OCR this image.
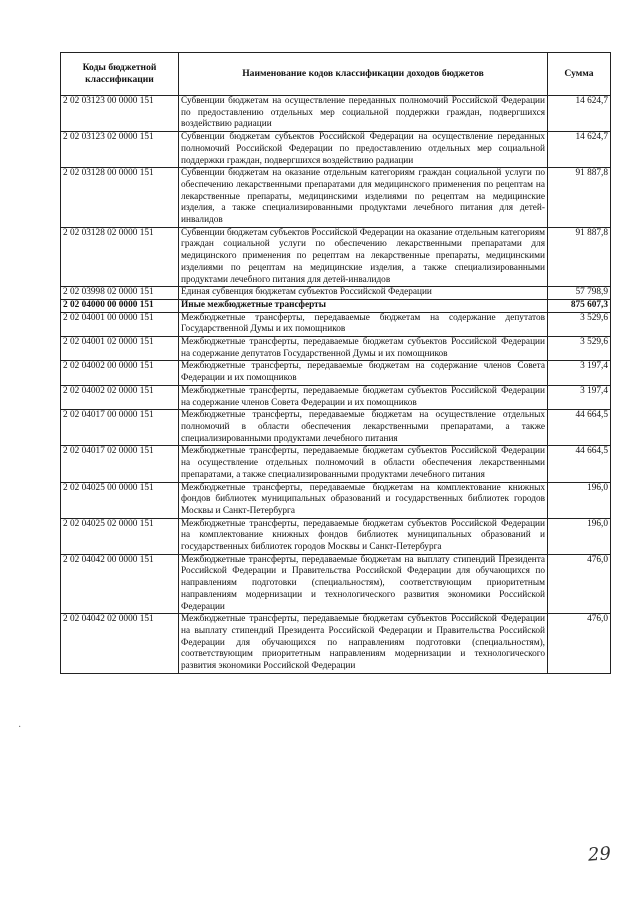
Коды бюджетной классификации	Наименование кодов классификации доходов бюджетов	Сумма
2 02 03123 00 0000 151	Субвенции бюджетам на осуществление переданных полномочий Российской Федерации по предоставлению отдельных мер социальной поддержки граждан, подвергшихся воздействию радиации	14 624,7
2 02 03123 02 0000 151	Субвенции бюджетам субъектов Российской Федерации на осуществление переданных полномочий Российской Федерации по предоставлению отдельных мер социальной поддержки граждан, подвергшихся воздействию радиации	14 624,7
2 02 03128 00 0000 151	Субвенции бюджетам на оказание отдельным категориям граждан социальной услуги по обеспечению лекарственными препаратами для медицинского применения по рецептам на лекарственные препараты, медицинскими изделиями по рецептам на медицинские изделия, а также специализированными продуктами лечебного питания для детей-инвалидов	91 887,8
2 02 03128 02 0000 151	Субвенции бюджетам субъектов Российской Федерации на оказание отдельным категориям граждан социальной услуги по обеспечению лекарственными препаратами для медицинского применения по рецептам на лекарственные препараты, медицинскими изделиями по рецептам на медицинские изделия, а также специализированными продуктами лечебного питания для детей-инвалидов	91 887,8
2 02 03998 02 0000 151	Единая субвенция бюджетам субъектов Российской Федерации	57 798,9
2 02 04000 00 0000 151	Иные межбюджетные трансферты	875 607,3
2 02 04001 00 0000 151	Межбюджетные трансферты, передаваемые бюджетам на содержание депутатов Государственной Думы и их помощников	3 529,6
2 02 04001 02 0000 151	Межбюджетные трансферты, передаваемые бюджетам субъектов Российской Федерации на содержание депутатов Государственной Думы и их помощников	3 529,6
2 02 04002 00 0000 151	Межбюджетные трансферты, передаваемые бюджетам на содержание членов Совета Федерации и их помощников	3 197,4
2 02 04002 02 0000 151	Межбюджетные трансферты, передаваемые бюджетам субъектов Российской Федерации на содержание членов Совета Федерации и их помощников	3 197,4
2 02 04017 00 0000 151	Межбюджетные трансферты, передаваемые бюджетам на осуществление отдельных полномочий в области обеспечения лекарственными препаратами, а также специализированными продуктами лечебного питания	44 664,5
2 02 04017 02 0000 151	Межбюджетные трансферты, передаваемые бюджетам субъектов Российской Федерации на осуществление отдельных полномочий в области обеспечения лекарственными препаратами, а также специализированными продуктами лечебного питания	44 664,5
2 02 04025 00 0000 151	Межбюджетные трансферты, передаваемые бюджетам на комплектование книжных фондов библиотек муниципальных образований и государственных библиотек городов Москвы и Санкт-Петербурга	196,0
2 02 04025 02 0000 151	Межбюджетные трансферты, передаваемые бюджетам субъектов Российской Федерации на комплектование книжных фондов библиотек муниципальных образований и государственных библиотек городов Москвы и Санкт-Петербурга	196,0
2 02 04042 00 0000 151	Межбюджетные трансферты, передаваемые бюджетам на выплату стипендий Президента Российской Федерации и Правительства Российской Федерации для обучающихся по направлениям подготовки (специальностям), соответствующим приоритетным направлениям модернизации и технологического развития экономики Российской Федерации	476,0
2 02 04042 02 0000 151	Межбюджетные трансферты, передаваемые бюджетам субъектов Российской Федерации на выплату стипендий Президента Российской Федерации и Правительства Российской Федерации для обучающихся по направлениям подготовки (специальностям), соответствующим приоритетным направлениям модернизации и технологического развития экономики Российской Федерации	476,0
29
·
